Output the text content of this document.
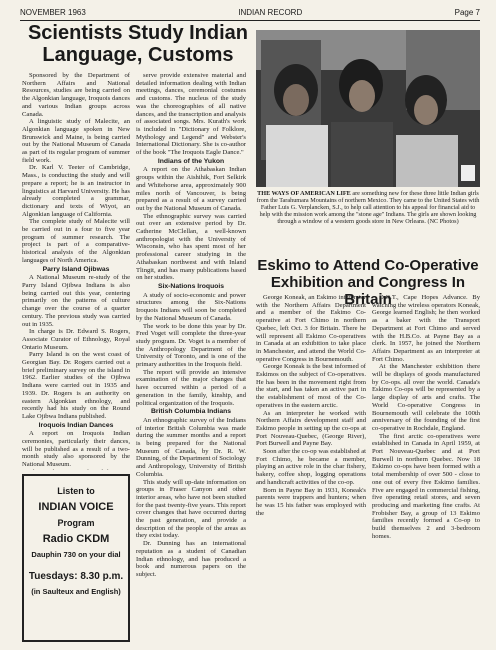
NOVEMBER 1963	INDIAN RECORD	Page 7
Scientists Study Indian Language, Customs

Sponsored by the Department of Northern Affairs and National Resources, studies are being carried on the Algonkian language, Iroquois dances and various Indian groups across Canada.

A linguistic study of Malecite, an Algonkian language spoken in New Brunswick and Maine, is being carried out by the National Museum of Canada as part of its regular program of summer field work.

Dr. Karl V. Teeter of Cambridge, Mass., is conducting the study and will prepare a report; he is an instructor in linguistics at Harvard University. He has already completed a grammar, dictionary and texts of Wiyot, an Algonkian language of California.

The complete study of Malecite will be carried out in a four to five year program of summer research. The project is part of a comparative-historical analysis of the Algonkian languages of North America.

Parry Island Ojibwas

A National Museum re-study of the Parry Island Ojibwa Indians is also being carried out this year, centering primarily on the patterns of culture change over the course of a quarter century. The previous study was carried out in 1935.

In charge is Dr. Edward S. Rogers, Associate Curator of Ethnology, Royal Ontario Museum.

Parry Island is on the west coast of Georgian Bay. Dr. Rogers carried out a brief preliminary survey on the island in 1962. Earlier studies of the Ojibwa Indians were carried out in 1935 and 1939. Dr. Rogers is an authority on eastern Algonkian ethnology, and recently had his study on the Round Lake Ojibwa Indians published.

Iroquois Indian Dances

A report on Iroquois Indian ceremonies, particularly their dances, will be published as a result of a two-month study also sponsored by the National Museum.

Listen to
INDIAN VOICE
Program
Radio CKDM
Dauphin 730 on your dial
Tuesdays: 8.30 p.m.
(in Saulteux and English)

serve provide extensive material and detailed information dealing with Indian meetings, dances, ceremonial costumes and customs. The nucleus of the study was the choreographies of all native dances, and the transcription and analysis of associated songs. Mrs. Kurath's work is included in "Dictionary of Folklore, Mythology and Legend" and Webster's International Dictionary. She is co-author of the book "The Iroquois Eagle Dance."

Indians of the Yukon

A report on the Athabaskan Indian groups within the Aishihik, Fort Selkirk and Whitehorse area, approximately 900 miles north of Vancouver, is being prepared as a result of a survey carried out by the National Museum of Canada.

The ethnographic survey was carried out over an extensive period by Dr. Catherine McClellan, a well-known anthropologist with the University of Wisconsin, who has spent most of her professional career studying in the Athabaskan northwest and with Inland Tlingit, and has many publications based on her studies.

Six-Nations Iroquois

A study of socio-economic and power structures among the Six-Nations Iroquois Indians will soon be completed by the National Museum of Canada.

The work to be done this year by Dr. Fred Voget will complete the three-year study program. Dr. Voget is a member of the Anthropology Department of the University of Toronto, and is one of the primary authorities in the Iroquois field.

The report will provide an intensive examination of the major changes that have occurred within a period of a generation in the family, kinship, and political organization of the Iroquois.

British Columbia Indians

An ethnographic survey of the Indians of interior British Columbia was made during the summer months and a report is being prepared for the National Museum of Canada, by Dr. R. W. Dunning, of the Department of Sociology and Anthropology, University of British Columbia.

This study will up-date information on groups in Fraser Canyon and other interior areas, who have not been studied for the past twenty-five years. This report cover changes that have occurred during the past generation, and provide a description of the people of the areas as they exist today.

Dr. Dunning has an international reputation as a student of Canadian Indian ethnology, and has produced a book and numerous papers on the subject.

THE WAYS OF AMERICAN LIFE are something new for these three little Indian girls from the Tarahumara Mountains of northern Mexico. They came to the United States with Father Luis G. Verplancken, S.J., to help call attention to his appeal for financial aid to help with the mission work among the "stone age" Indians. The girls are shown looking through a window of a western goods store in New Orleans. (NC Photos)
Eskimo to Attend Co-Operative Exhibition and Congress In Britain

George Koneak, an Eskimo interpreter with the Northern Affairs Department and a member of the Eskimo Co-operative at Fort Chimo in northern Quebec, left Oct. 3 for Britain. There he will represent all Eskimo Co-operatives in Canada at an exhibition to take place in Manchester, and attend the World Co-operative Congress in Bournemouth.

George Koneak is the best informed of Eskimos on the subject of Co-operatives. He has been in the movement right from the start, and has taken an active part in the establishment of most of the Co-operatives in the eastern arctic.

As an interpreter he worked with Northern Affairs development staff and Eskimo people in setting up the co-ops at Port Nouveau-Quebec, (George River), Port Burwell and Payne Bay.

Soon after the co-op was established at Fort Chimo, he became a member, playing an active role in the char fishery, bakery, coffee shop, logging operations and handicraft activities of the co-op.

Born in Payne Bay in 1931, Koneak's parents were trappers and hunters; when he was 15 his father was employed with the

D.O.T., Cape Hopes Advance. By watching the wireless operators Koneak, George learned English; he then worked as a baker with the Transport Department at Fort Chimo and served with the H.B.Co. at Payne Bay as a clerk. In 1957, he joined the Northern Affairs Department as an interpreter at Fort Chimo.

At the Manchester exhibition there will be displays of goods manufactured by Co-ops. all over the world. Canada's Eskimo Co-ops will be represented by a large display of arts and crafts. The World Co-operative Congress in Bournemouth will celebrate the 100th anniversary of the founding of the first co-operative in Rochdale, England.

The first arctic co-operatives were established in Canada in April 1959, at Port Nouveau-Quebec and at Port Burwell in northern Quebec. Now 18 Eskimo co-ops have been formed with a total membership of over 500 - close to one out of every five Eskimo families. Five are engaged in commercial fishing, five operating retail stores, and seven producing and marketing fine crafts. At Frobisher Bay, a group of 13 Eskimo families recently formed a Co-op to build themselves 2 and 3-bedroom homes.
